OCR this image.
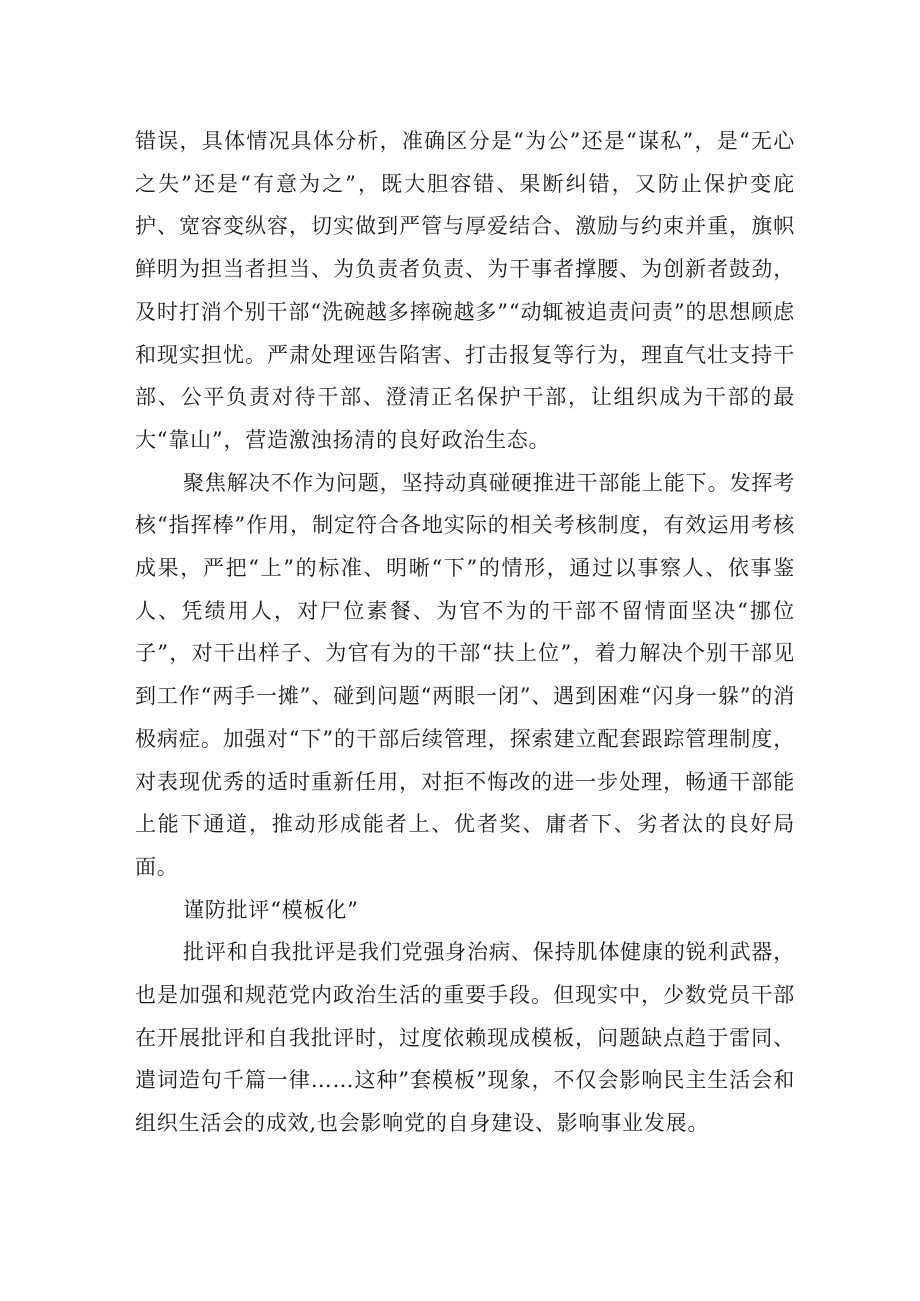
错误，具体情况具体分析，准确区分是“为公”还是“谋私”，是“无心之失”还是“有意为之”，既大胆容错、果断纠错，又防止保护变庇护、宽容变纵容，切实做到严管与厚爱结合、激励与约束并重，旗帜鲜明为担当者担当、为负责者负责、为干事者撑腰、为创新者鼓劲，及时打消个别干部“洗碗越多摔碗越多”“动辄被追责问责”的思想顾虑和现实担忧。严肃处理诬告陷害、打击报复等行为，理直气壮支持干部、公平负责对待干部、澄清正名保护干部，让组织成为干部的最大“靠山”，营造激浊扬清的良好政治生态。

聚焦解决不作为问题，坚持动真碰硬推进干部能上能下。发挥考核“指挥棒”作用，制定符合各地实际的相关考核制度，有效运用考核成果，严把“上”的标准、明晰“下”的情形，通过以事察人、依事鉴人、凭绩用人，对尸位素餐、为官不为的干部不留情面坚决“挪位子”，对干出样子、为官有为的干部“扶上位”，着力解决个别干部见到工作“两手一摊”、碰到问题“两眼一闭”、遇到困难“闪身一躲”的消极病症。加强对“下”的干部后续管理，探索建立配套跟踪管理制度，对表现优秀的适时重新任用，对拒不悔改的进一步处理，畅通干部能上能下通道，推动形成能者上、优者奖、庸者下、劣者汰的良好局面。

谨防批评“模板化”

批评和自我批评是我们党强身治病、保持肌体健康的锐利武器，也是加强和规范党内政治生活的重要手段。但现实中，少数党员干部在开展批评和自我批评时，过度依赖现成模板，问题缺点趋于雷同、遣词造句千篇一律……这种”套模板”现象，不仅会影响民主生活会和组织生活会的成效,也会影响党的自身建设、影响事业发展。
